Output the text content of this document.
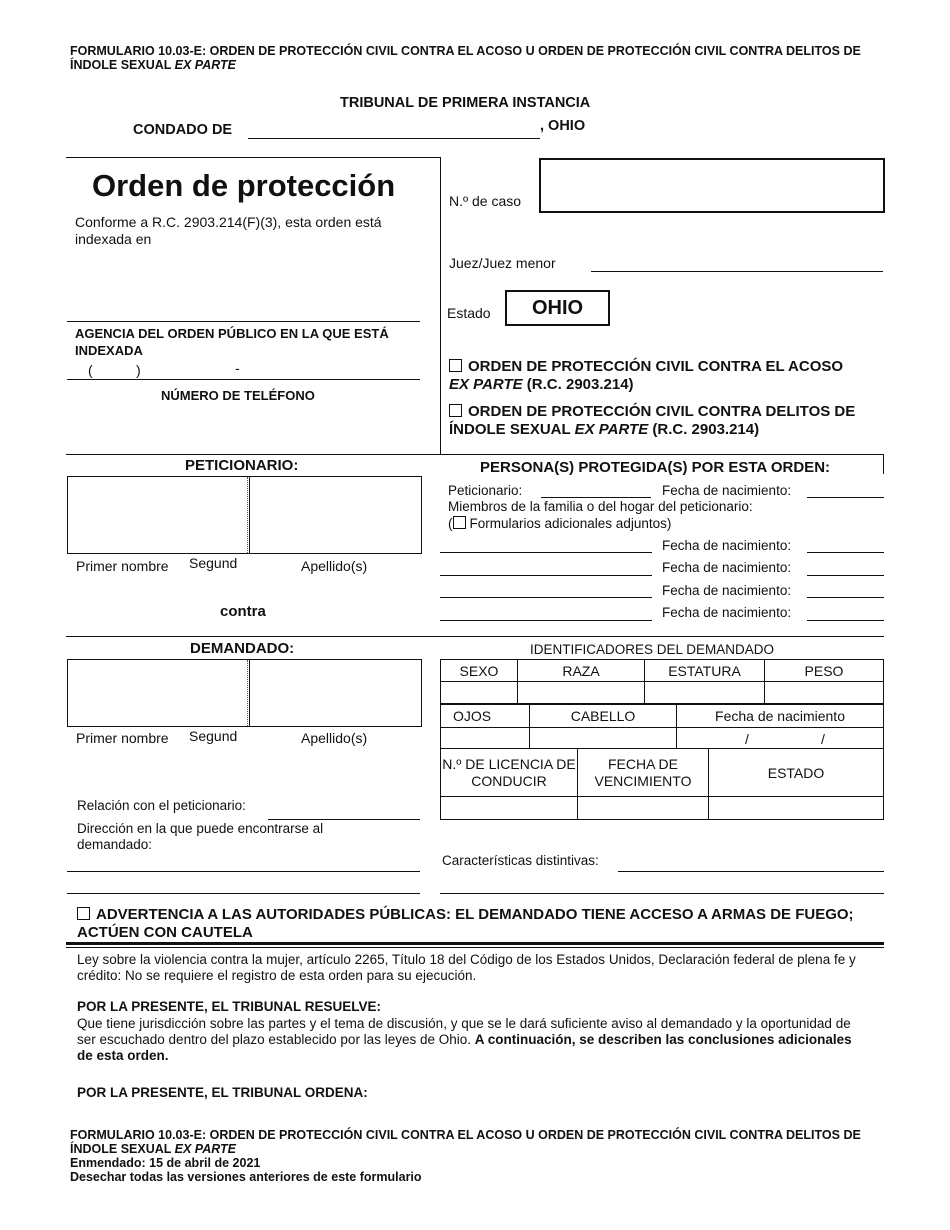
FORMULARIO 10.03-E: ORDEN DE PROTECCIÓN CIVIL CONTRA EL ACOSO U ORDEN DE PROTECCIÓN CIVIL CONTRA DELITOS DE
ÍNDOLE SEXUAL EX PARTE
TRIBUNAL DE PRIMERA INSTANCIA
CONDADO DE	, OHIO
Orden de protección
Conforme a R.C. 2903.214(F)(3), esta orden está indexada en
AGENCIA DEL ORDEN PÚBLICO EN LA QUE ESTÁ INDEXADA
(	)	-
NÚMERO DE TELÉFONO
N.º de caso
Juez/Juez menor
Estado	OHIO
ORDEN DE PROTECCIÓN CIVIL CONTRA EL ACOSO
EX PARTE (R.C. 2903.214)
ORDEN DE PROTECCIÓN CIVIL CONTRA DELITOS DE ÍNDOLE SEXUAL EX PARTE (R.C. 2903.214)
PETICIONARIO:
Primer nombre Segund	Apellido(s)
contra
PERSONA(S) PROTEGIDA(S) POR ESTA ORDEN:
Peticionario:	Fecha de nacimiento:
Miembros de la familia o del hogar del peticionario:
( Formularios adicionales adjuntos)
Fecha de nacimiento:
Fecha de nacimiento:
Fecha de nacimiento:
Fecha de nacimiento:
DEMANDADO:
Primer nombre Segund	Apellido(s)
Relación con el peticionario:
Dirección en la que puede encontrarse al demandado:
IDENTIFICADORES DEL DEMANDADO
SEXO	RAZA	ESTATURA	PESO

OJOS	CABELLO	Fecha de nacimiento

		/ /
N.º DE LICENCIA DE CONDUCIR	FECHA DE VENCIMIENTO	ESTADO

Características distintivas:
ADVERTENCIA A LAS AUTORIDADES PÚBLICAS: EL DEMANDADO TIENE ACCESO A ARMAS DE FUEGO; ACTÚEN CON CAUTELA
Ley sobre la violencia contra la mujer, artículo 2265, Título 18 del Código de los Estados Unidos, Declaración federal de plena fe y crédito: No se requiere el registro de esta orden para su ejecución.
POR LA PRESENTE, EL TRIBUNAL RESUELVE:
Que tiene jurisdicción sobre las partes y el tema de discusión, y que se le dará suficiente aviso al demandado y la oportunidad de ser escuchado dentro del plazo establecido por las leyes de Ohio. A continuación, se describen las conclusiones adicionales de esta orden.
POR LA PRESENTE, EL TRIBUNAL ORDENA:
FORMULARIO 10.03-E: ORDEN DE PROTECCIÓN CIVIL CONTRA EL ACOSO U ORDEN DE PROTECCIÓN CIVIL CONTRA DELITOS DE
ÍNDOLE SEXUAL EX PARTE
Enmendado: 15 de abril de 2021
Desechar todas las versiones anteriores de este formulario
